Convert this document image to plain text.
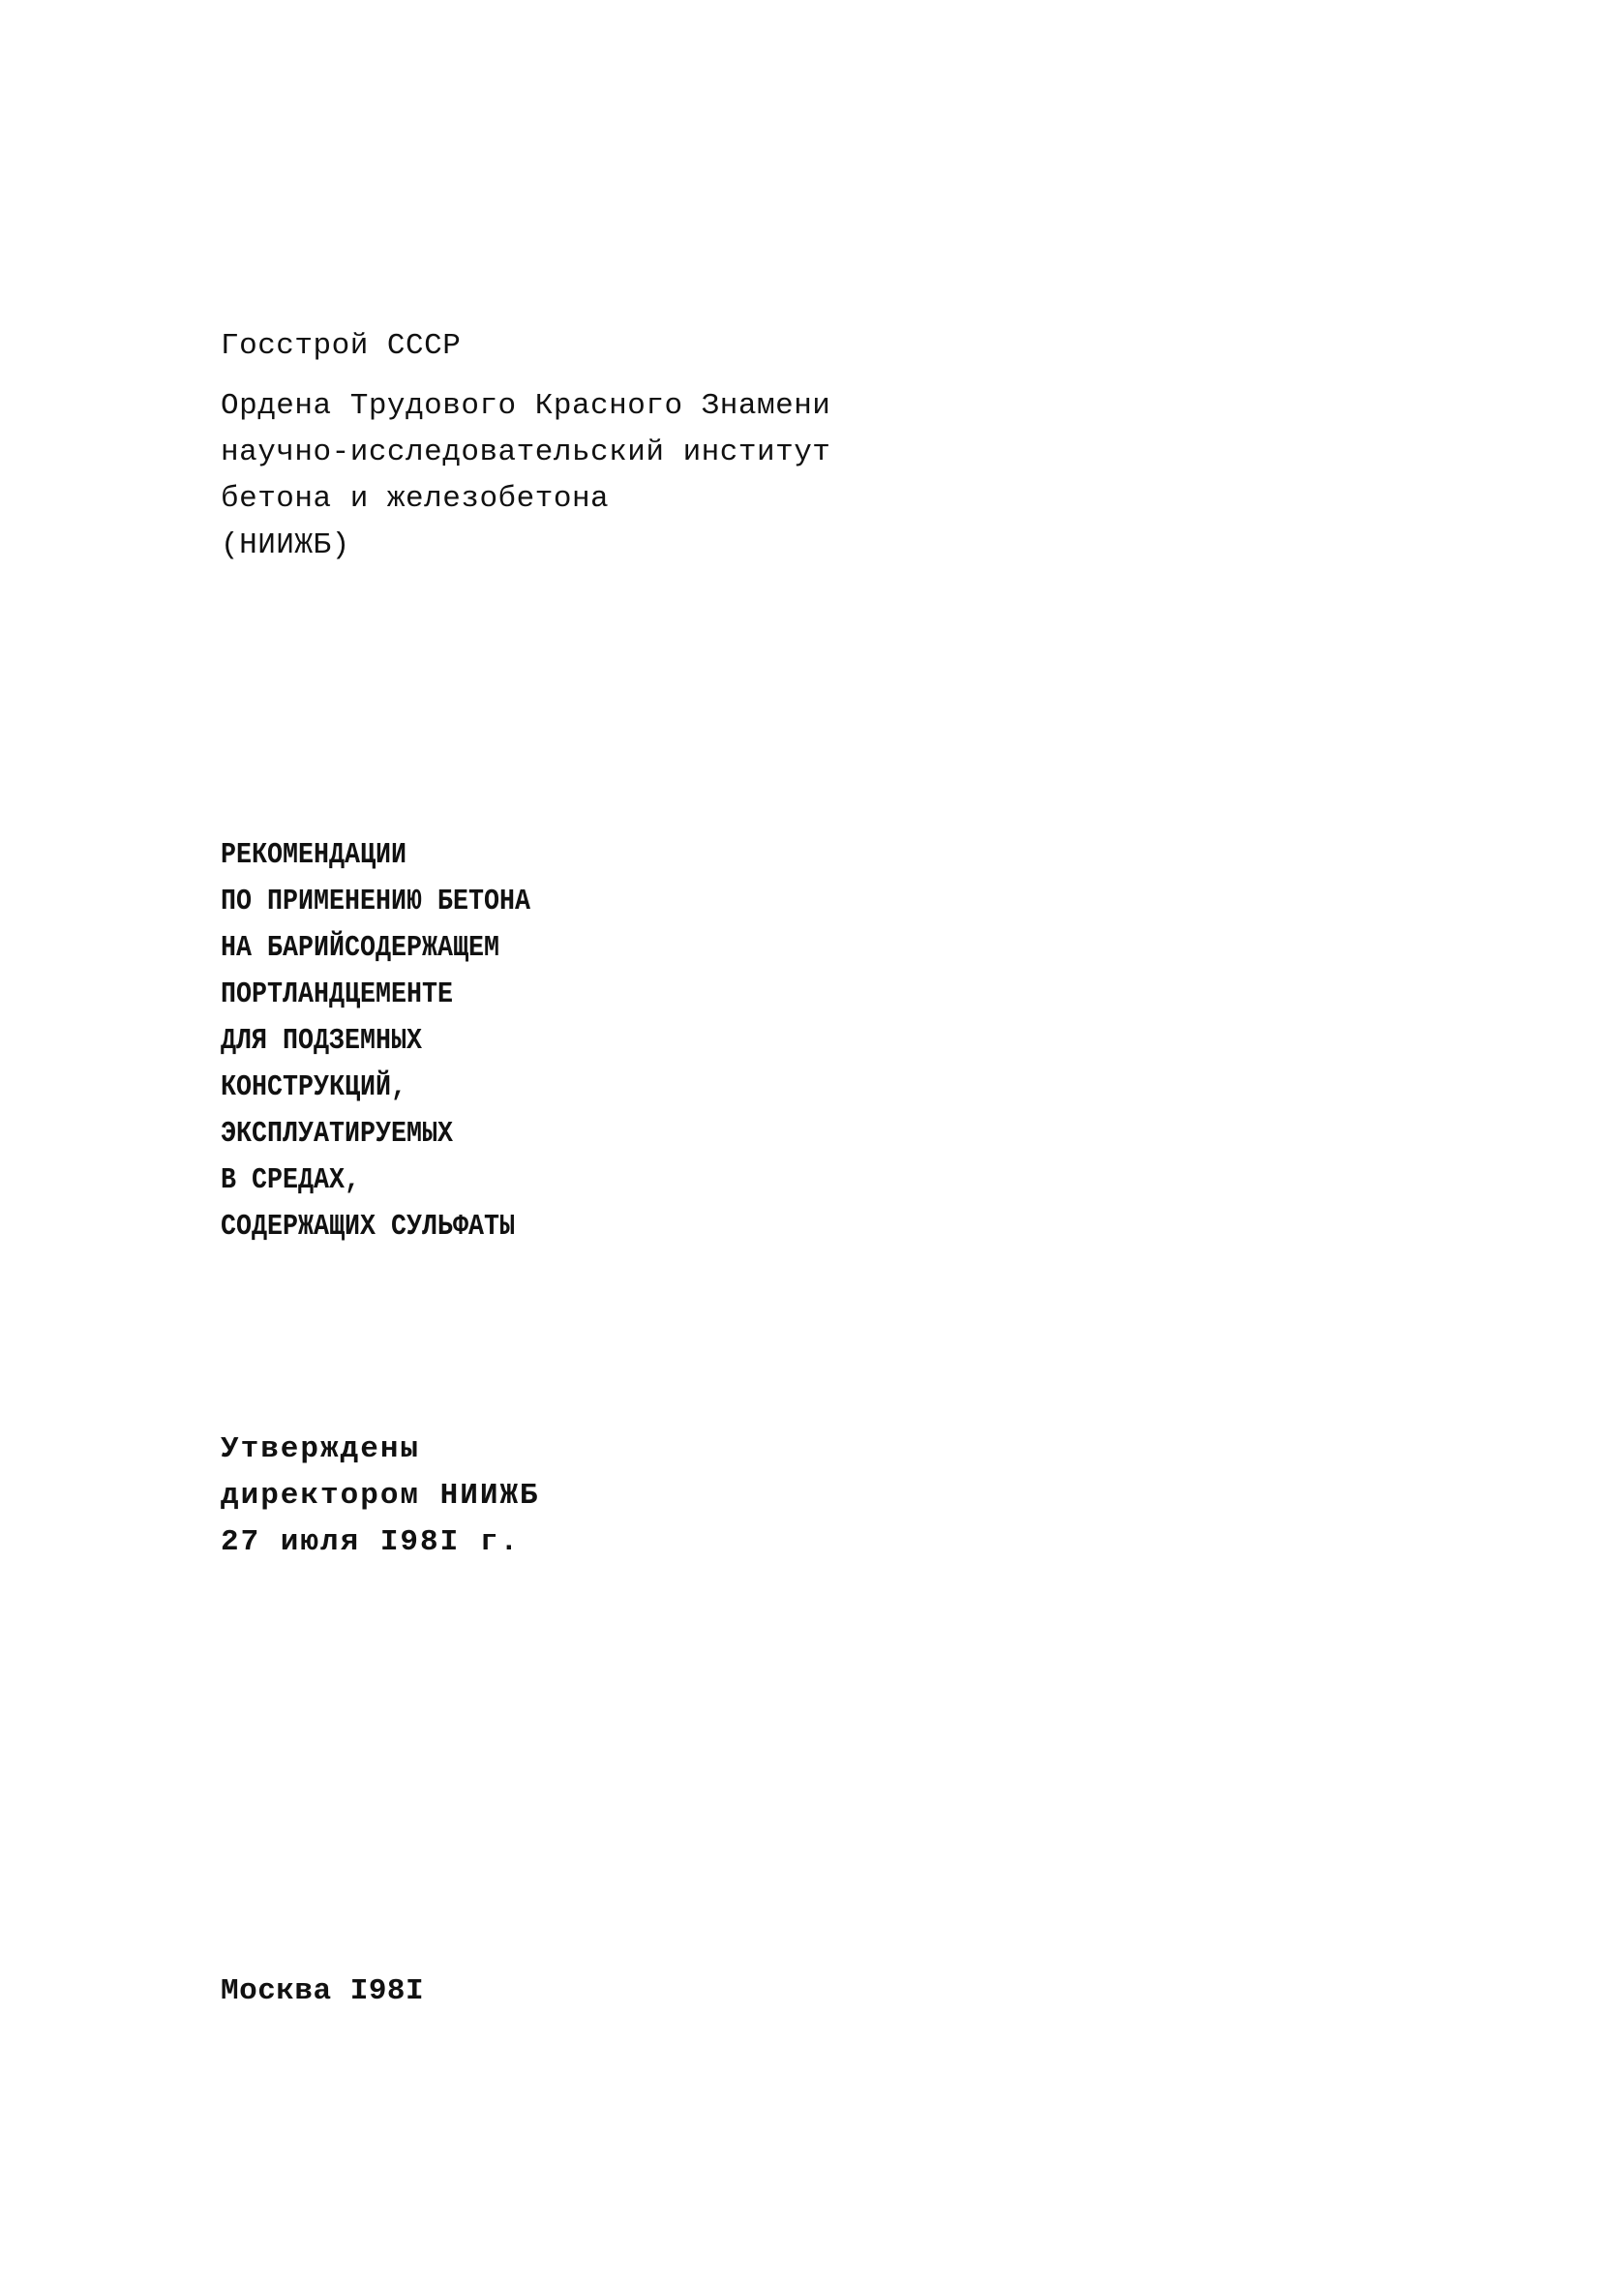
Госстрой СССР
Ордена Трудового Красного Знамени
научно-исследовательский институт
бетона и железобетона
(НИИЖБ)
РЕКОМЕНДАЦИИ
ПО ПРИМЕНЕНИЮ БЕТОНА
НА БАРИЙСОДЕРЖАЩЕМ
ПОРТЛАНДЦЕМЕНТЕ
ДЛЯ ПОДЗЕМНЫХ
КОНСТРУКЦИЙ,
ЭКСПЛУАТИРУЕМЫХ
В СРЕДАХ,
СОДЕРЖАЩИХ СУЛЬФАТЫ
Утверждены
директором НИИЖБ
27 июля I98I г.
Москва I98I
